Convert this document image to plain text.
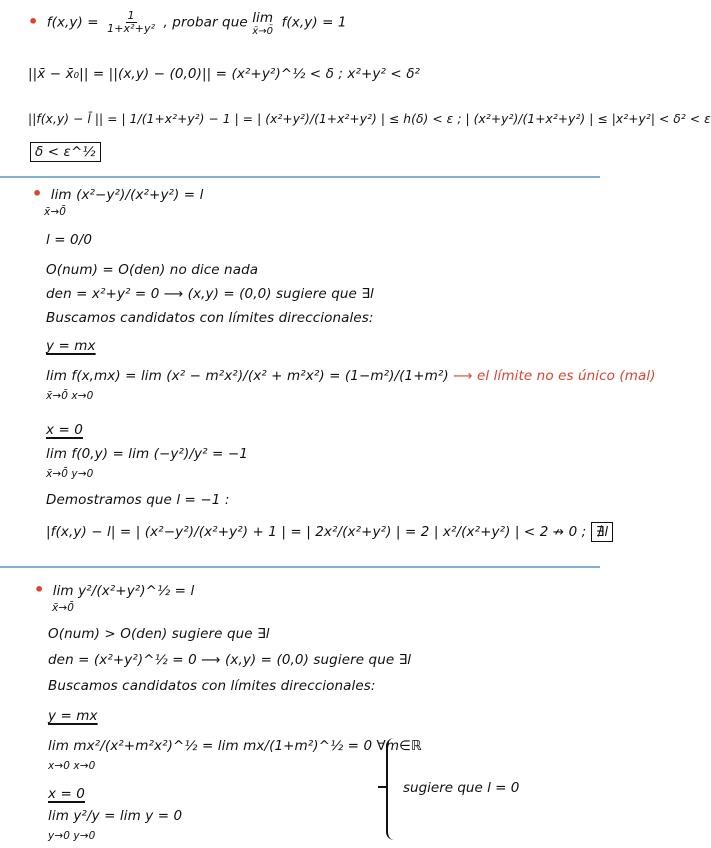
• $f(x,y) = \frac{1}{\text{1+x²+y²}}$ , probar que lim
x̄→0̄
f(x,y) = 1
||x̄ − x̄₀|| = ||(x,y) − (0,0)|| = (x²+y²)^½ < δ ; x²+y² < δ²
||f(x,y) − l̄ || = | 1/(1+x²+y²) − 1 | = | (x²+y²)/(1+x²+y²) | ≤ h(δ) < ε ; | (x²+y²)/(1+x²+y²) | ≤ |x²+y²| < δ² < ε
δ < ε^½
• lim (x²−y²)/(x²+y²) = l
x̄→0̄
l = 0/0
O(num) = O(den) no dice nada
den = x²+y² = 0 ⟶ (x,y) = (0,0) sugiere que ∃l
Buscamos candidatos con límites direccionales:
y = mx
lim f(x,mx) = lim (x² − m²x²)/(x² + m²x²) = (1−m²)/(1+m²) ⟶ el límite no es único (mal)
x̄→0̄ x→0
x = 0
lim f(0,y) = lim (−y²)/y² = −1
x̄→0̄ y→0
Demostramos que l = −1 :
|f(x,y) − l| = | (x²−y²)/(x²+y²) + 1 | = | 2x²/(x²+y²) | = 2 | x²/(x²+y²) | < 2 ↛ 0 ; ∄l
• lim y²/(x²+y²)^½ = l
x̄→0̄
O(num) > O(den) sugiere que ∃l
den = (x²+y²)^½ = 0 ⟶ (x,y) = (0,0) sugiere que ∃l
Buscamos candidatos con límites direccionales:
y = mx
lim mx²/(x²+m²x²)^½ = lim mx/(1+m²)^½ = 0 ∀m∈ℝ
x→0 x→0
x = 0
lim y²/y = lim y = 0
y→0 y→0
sugiere que l = 0
